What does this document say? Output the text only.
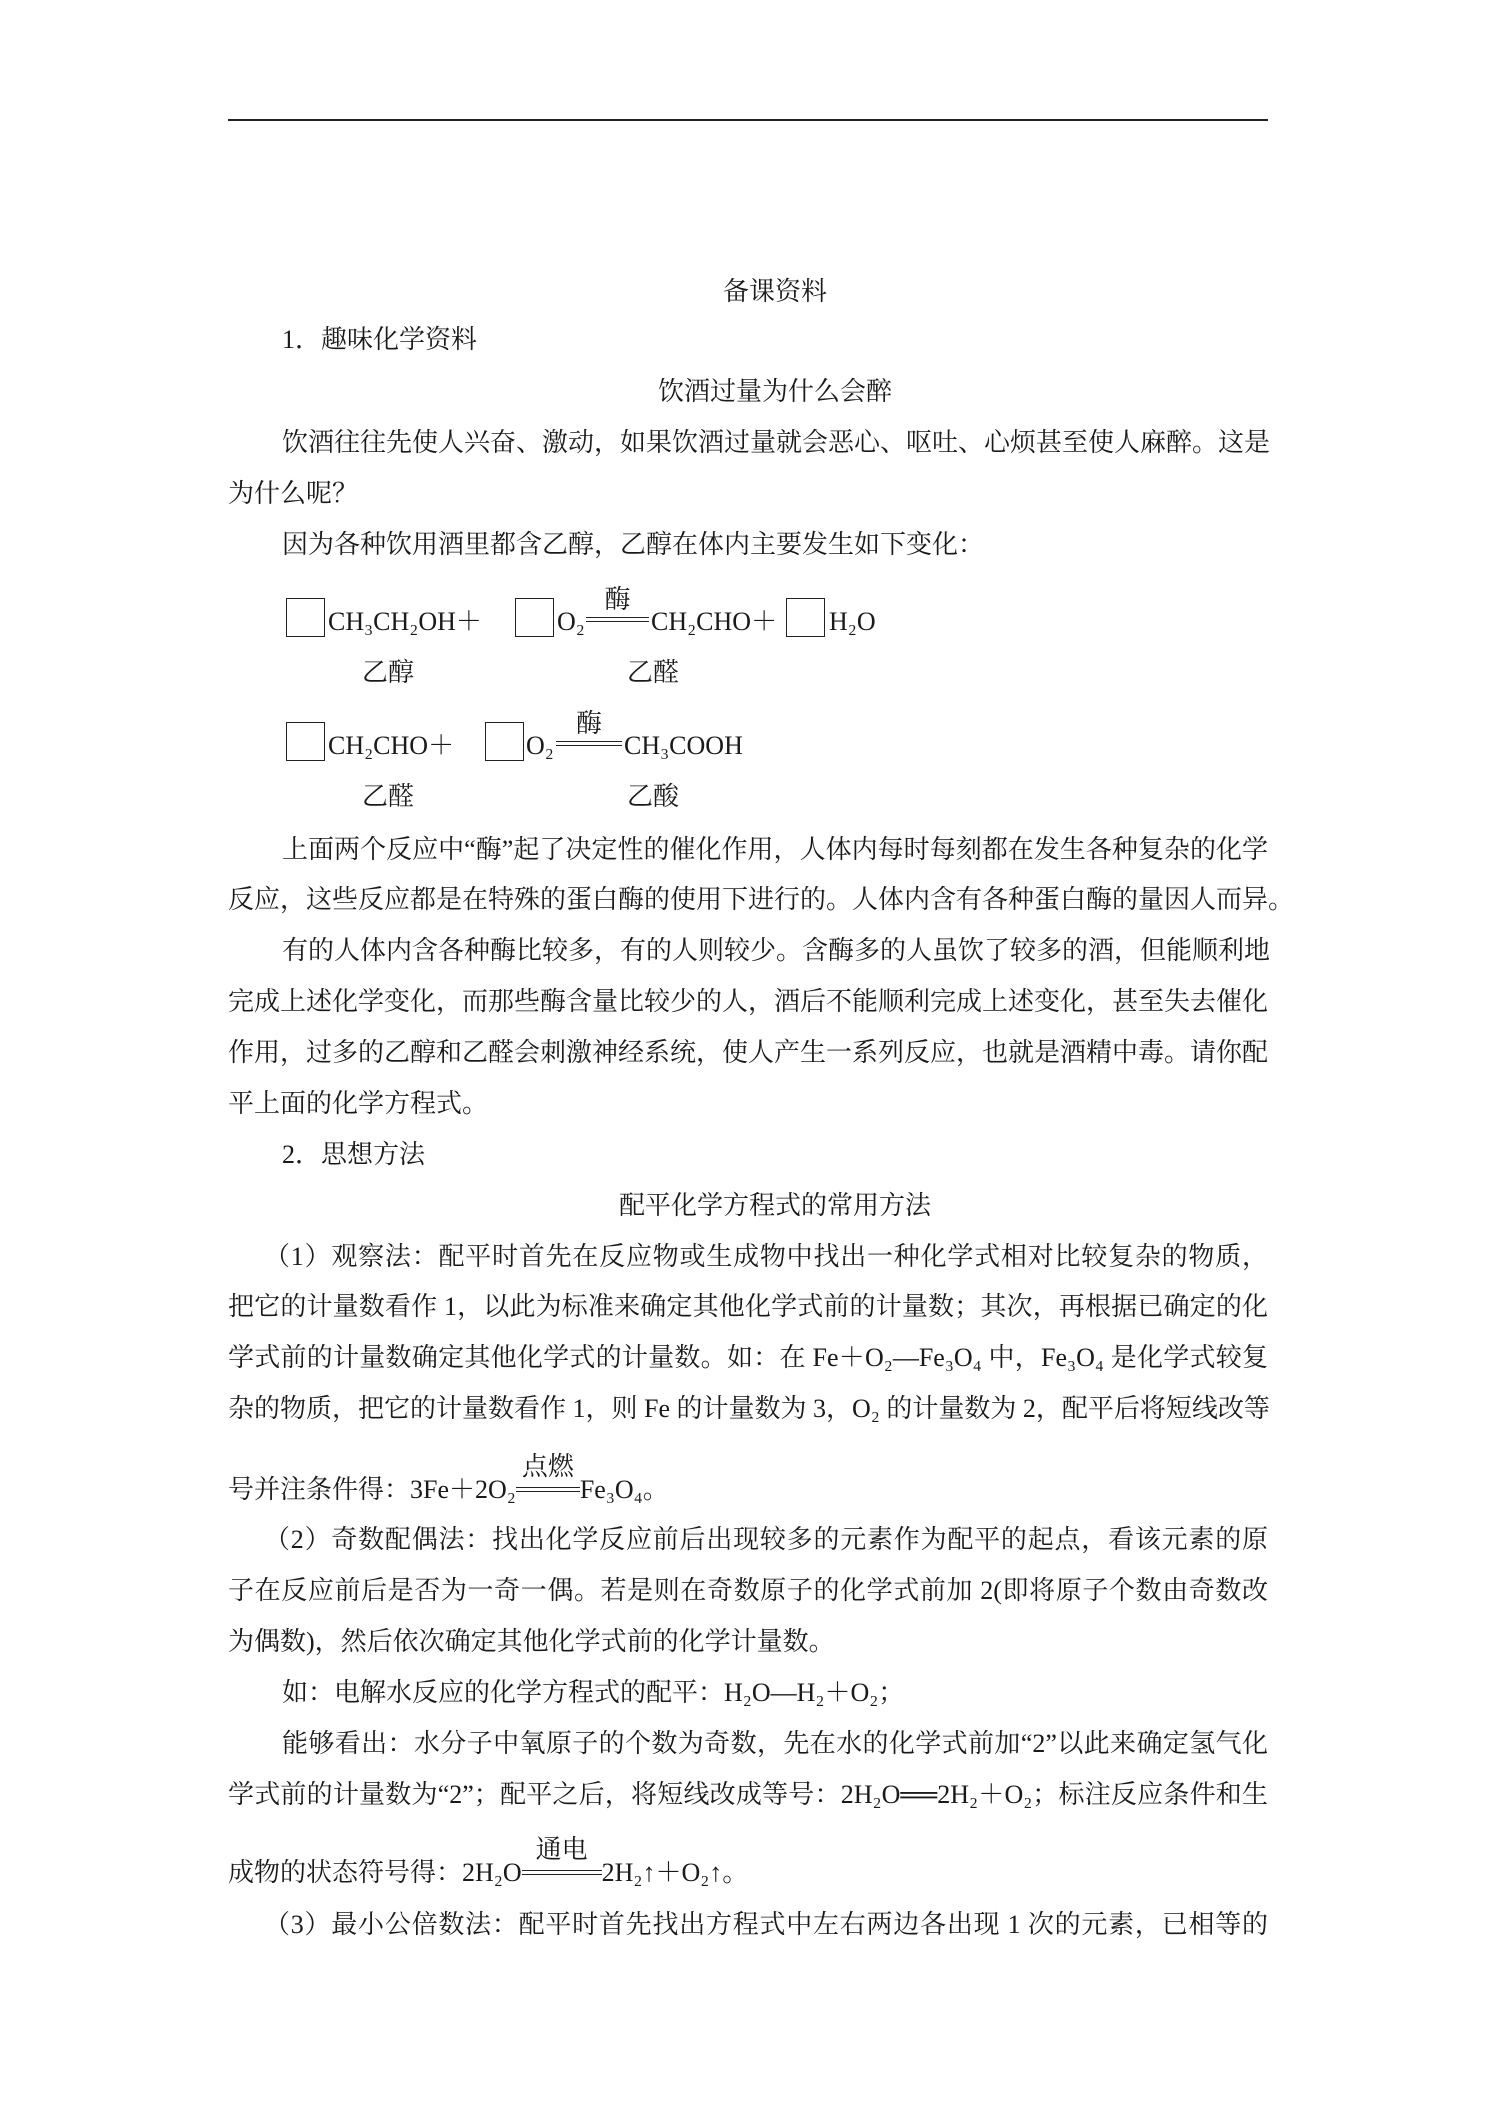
备课资料
1．趣味化学资料
饮酒过量为什么会醉
饮酒往往先使人兴奋、激动，如果饮酒过量就会恶心、呕吐、心烦甚至使人麻醉。这是
为什么呢？
因为各种饮用酒里都含乙醇，乙醇在体内主要发生如下变化：
CH₃CH₂OH＋	O₂
酶
CH₂CHO＋ H₂O
乙醇	乙醛
CH₂CHO＋	O₂
酶
CH₃COOH
乙醛	乙酸
上面两个反应中“酶”起了决定性的催化作用，人体内每时每刻都在发生各种复杂的化学
反应，这些反应都是在特殊的蛋白酶的使用下进行的。人体内含有各种蛋白酶的量因人而异。
有的人体内含各种酶比较多，有的人则较少。含酶多的人虽饮了较多的酒，但能顺利地
完成上述化学变化，而那些酶含量比较少的人，酒后不能顺利完成上述变化，甚至失去催化
作用，过多的乙醇和乙醛会刺激神经系统，使人产生一系列反应，也就是酒精中毒。请你配
平上面的化学方程式。
2．思想方法
配平化学方程式的常用方法
（1）观察法：配平时首先在反应物或生成物中找出一种化学式相对比较复杂的物质，
把它的计量数看作 1，以此为标准来确定其他化学式前的计量数；其次，再根据已确定的化
学式前的计量数确定其他化学式的计量数。如：在 Fe＋O₂—Fe₃O₄ 中，Fe₃O₄ 是化学式较复
杂的物质，把它的计量数看作 1，则 Fe 的计量数为 3，O₂ 的计量数为 2，配平后将短线改等
号并注条件得：3Fe＋2O₂
点燃
Fe₃O₄。
（2）奇数配偶法：找出化学反应前后出现较多的元素作为配平的起点，看该元素的原
子在反应前后是否为一奇一偶。若是则在奇数原子的化学式前加 2(即将原子个数由奇数改
为偶数)，然后依次确定其他化学式前的化学计量数。
如：电解水反应的化学方程式的配平：H₂O—H₂＋O₂；
能够看出：水分子中氧原子的个数为奇数，先在水的化学式前加“2”以此来确定氢气化
学式前的计量数为“2”；配平之后，将短线改成等号：2H₂O══2H₂＋O₂；标注反应条件和生
成物的状态符号得：2H₂O
通电
2H₂↑＋O₂↑。
（3）最小公倍数法：配平时首先找出方程式中左右两边各出现 1 次的元素，已相等的
